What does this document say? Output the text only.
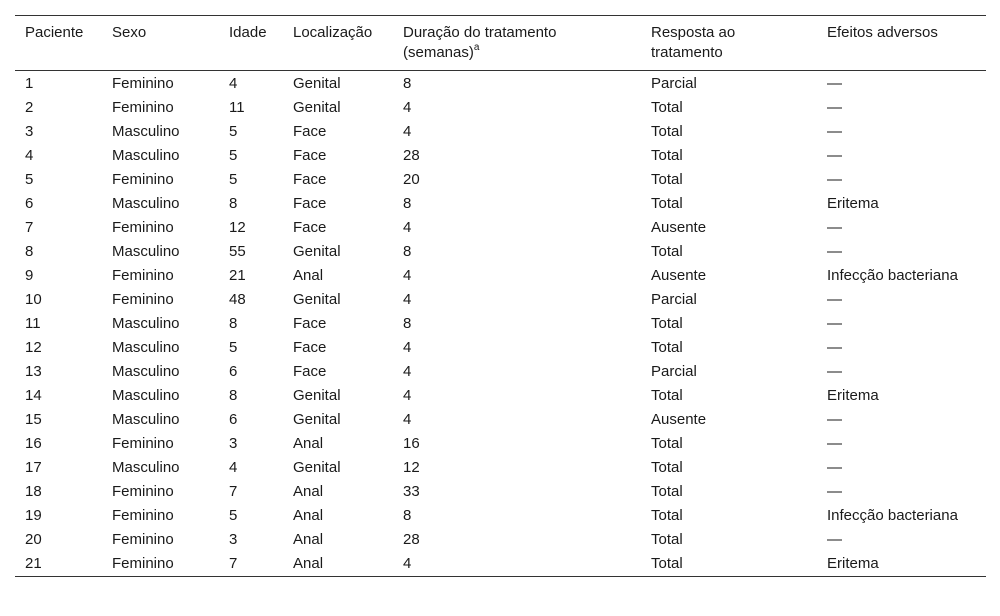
Paciente	Sexo	Idade	Localização	Duração do tratamento (semanas)$^a$	Resposta ao tratamento	Efeitos adversos
1	Feminino	4	Genital	8	Parcial	—
2	Feminino	11	Genital	4	Total	—
3	Masculino	5	Face	4	Total	—
4	Masculino	5	Face	28	Total	—
5	Feminino	5	Face	20	Total	—
6	Masculino	8	Face	8	Total	Eritema
7	Feminino	12	Face	4	Ausente	—
8	Masculino	55	Genital	8	Total	—
9	Feminino	21	Anal	4	Ausente	Infecção bacteriana
10	Feminino	48	Genital	4	Parcial	—
11	Masculino	8	Face	8	Total	—
12	Masculino	5	Face	4	Total	—
13	Masculino	6	Face	4	Parcial	—
14	Masculino	8	Genital	4	Total	Eritema
15	Masculino	6	Genital	4	Ausente	—
16	Feminino	3	Anal	16	Total	—
17	Masculino	4	Genital	12	Total	—
18	Feminino	7	Anal	33	Total	—
19	Feminino	5	Anal	8	Total	Infecção bacteriana
20	Feminino	3	Anal	28	Total	—
21	Feminino	7	Anal	4	Total	Eritema
